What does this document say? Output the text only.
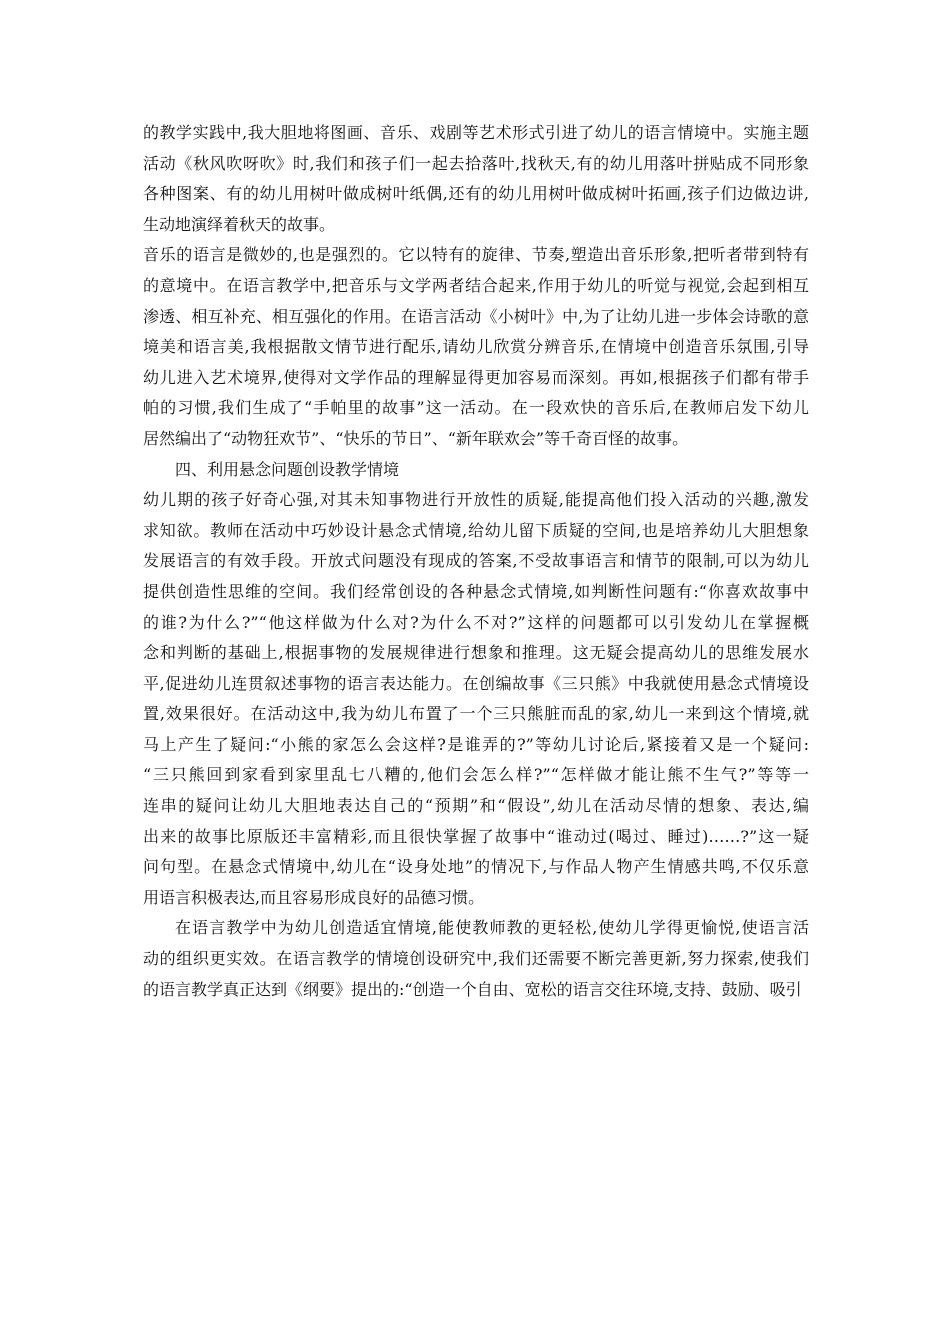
的教学实践中,我大胆地将图画、音乐、戏剧等艺术形式引进了幼儿的语言情境中。实施主题
活动《秋风吹呀吹》时,我们和孩子们一起去拾落叶,找秋天,有的幼儿用落叶拼贴成不同形象
各种图案、有的幼儿用树叶做成树叶纸偶,还有的幼儿用树叶做成树叶拓画,孩子们边做边讲,
生动地演绎着秋天的故事。
音乐的语言是微妙的,也是强烈的。它以特有的旋律、节奏,塑造出音乐形象,把听者带到特有
的意境中。在语言教学中,把音乐与文学两者结合起来,作用于幼儿的听觉与视觉,会起到相互
渗透、相互补充、相互强化的作用。在语言活动《小树叶》中,为了让幼儿进一步体会诗歌的意
境美和语言美,我根据散文情节进行配乐,请幼儿欣赏分辨音乐,在情境中创造音乐氛围,引导
幼儿进入艺术境界,使得对文学作品的理解显得更加容易而深刻。再如,根据孩子们都有带手
帕的习惯,我们生成了“手帕里的故事”这一活动。在一段欢快的音乐后,在教师启发下幼儿
居然编出了“动物狂欢节”、“快乐的节日”、“新年联欢会”等千奇百怪的故事。
四、利用悬念问题创设教学情境
幼儿期的孩子好奇心强,对其未知事物进行开放性的质疑,能提高他们投入活动的兴趣,激发
求知欲。教师在活动中巧妙设计悬念式情境,给幼儿留下质疑的空间,也是培养幼儿大胆想象
发展语言的有效手段。开放式问题没有现成的答案,不受故事语言和情节的限制,可以为幼儿
提供创造性思维的空间。我们经常创设的各种悬念式情境,如判断性问题有:“你喜欢故事中
的谁?为什么?”“他这样做为什么对?为什么不对?”这样的问题都可以引发幼儿在掌握概
念和判断的基础上,根据事物的发展规律进行想象和推理。这无疑会提高幼儿的思维发展水
平,促进幼儿连贯叙述事物的语言表达能力。在创编故事《三只熊》中我就使用悬念式情境设
置,效果很好。在活动这中,我为幼儿布置了一个三只熊脏而乱的家,幼儿一来到这个情境,就
马上产生了疑问:“小熊的家怎么会这样?是谁弄的?”等幼儿讨论后,紧接着又是一个疑问:
“三只熊回到家看到家里乱七八糟的,他们会怎么样?”“怎样做才能让熊不生气?”等等一
连串的疑问让幼儿大胆地表达自己的“预期”和“假设”,幼儿在活动尽情的想象、表达,编
出来的故事比原版还丰富精彩,而且很快掌握了故事中“谁动过(喝过、睡过)……?”这一疑
问句型。在悬念式情境中,幼儿在“设身处地”的情况下,与作品人物产生情感共鸣,不仅乐意
用语言积极表达,而且容易形成良好的品德习惯。
在语言教学中为幼儿创造适宜情境,能使教师教的更轻松,使幼儿学得更愉悦,使语言活
动的组织更实效。在语言教学的情境创设研究中,我们还需要不断完善更新,努力探索,使我们
的语言教学真正达到《纲要》提出的:“创造一个自由、宽松的语言交往环境,支持、鼓励、吸引
